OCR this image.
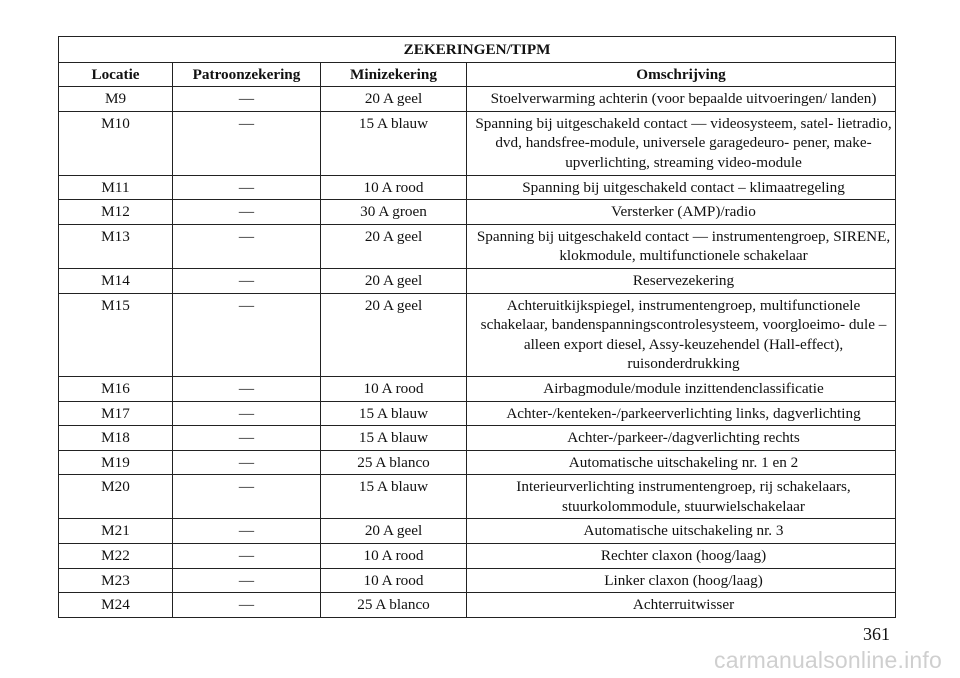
ZEKERINGEN/TIPM			
Locatie	Patroonzekering	Minizekering	Omschrijving
M9	—	20 A geel	Stoelverwarming achterin (voor bepaalde uitvoeringen/ landen)
M10	—	15 A blauw	Spanning bij uitgeschakeld contact — videosysteem, satel- lietradio, dvd, handsfree-module, universele garagedeuro- pener, make-upverlichting, streaming video-module
M11	—	10 A rood	Spanning bij uitgeschakeld contact – klimaatregeling
M12	—	30 A groen	Versterker (AMP)/radio
M13	—	20 A geel	Spanning bij uitgeschakeld contact — instrumentengroep, SIRENE, klokmodule, multifunctionele schakelaar
M14	—	20 A geel	Reservezekering
M15	—	20 A geel	Achteruitkijkspiegel, instrumentengroep, multifunctionele schakelaar, bandenspanningscontrolesysteem, voorgloeimo- dule – alleen export diesel, Assy-keuzehendel (Hall-effect), ruisonderdrukking
M16	—	10 A rood	Airbagmodule/module inzittendenclassificatie
M17	—	15 A blauw	Achter-/kenteken-/parkeerverlichting links, dagverlichting
M18	—	15 A blauw	Achter-/parkeer-/dagverlichting rechts
M19	—	25 A blanco	Automatische uitschakeling nr. 1 en 2
M20	—	15 A blauw	Interieurverlichting instrumentengroep, rij schakelaars, stuurkolommodule, stuurwielschakelaar
M21	—	20 A geel	Automatische uitschakeling nr. 3
M22	—	10 A rood	Rechter claxon (hoog/laag)
M23	—	10 A rood	Linker claxon (hoog/laag)
M24	—	25 A blanco	Achterruitwisser
361
carmanualsonline.info
